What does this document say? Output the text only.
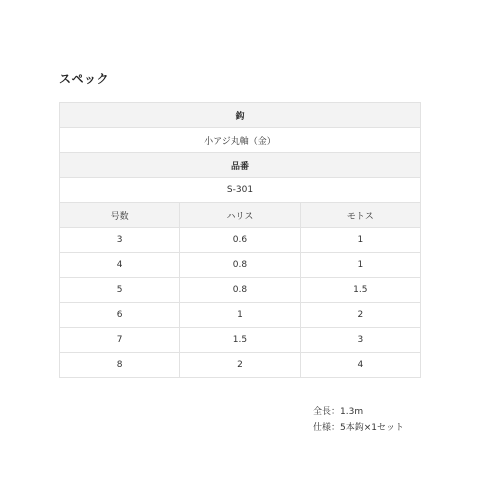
スペック
鈎		
小アジ丸軸（金）		
品番		
S-301		
号数	ハリス	モトス
3	0.6	1
4	0.8	1
5	0.8	1.5
6	1	2
7	1.5	3
8	2	4
全長：1.3m
仕様：5本鈎×1セット
